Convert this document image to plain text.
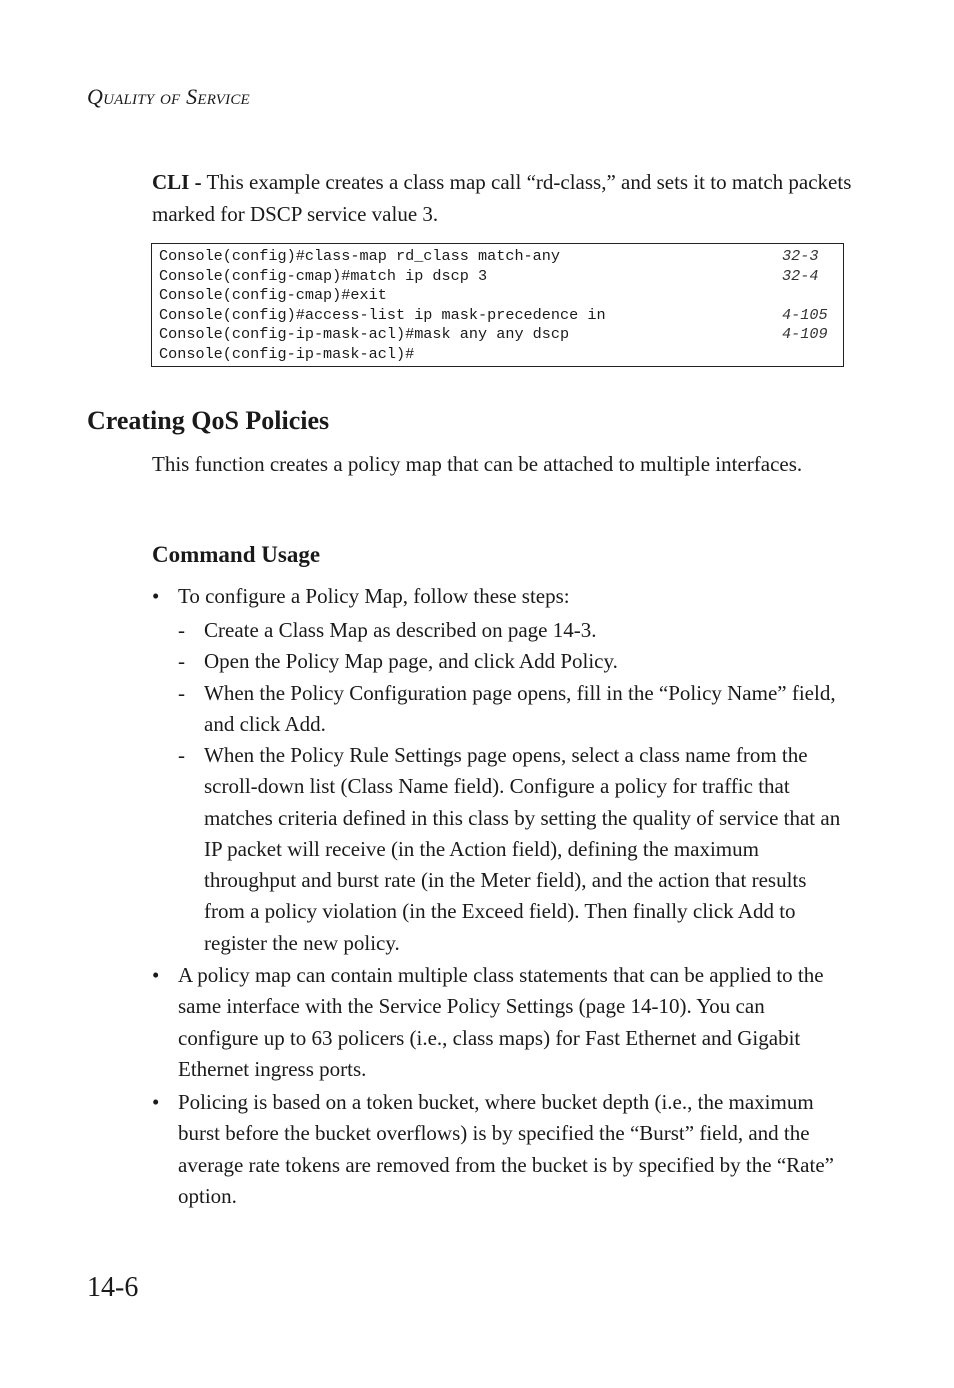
QUALITY OF SERVICE
CLI - This example creates a class map call “rd-class,” and sets it to match packets marked for DSCP service value 3.
Console(config)#class-map rd_class match-any	32-3
Console(config-cmap)#match ip dscp 3	32-4
Console(config-cmap)#exit
Console(config)#access-list ip mask-precedence in	4-105
Console(config-ip-mask-acl)#mask any any dscp	4-109
Console(config-ip-mask-acl)#
Creating QoS Policies
This function creates a policy map that can be attached to multiple interfaces.
Command Usage
• To configure a Policy Map, follow these steps:
- Create a Class Map as described on page 14-3.
- Open the Policy Map page, and click Add Policy.
- When the Policy Configuration page opens, fill in the “Policy Name” field, and click Add.
- When the Policy Rule Settings page opens, select a class name from the scroll-down list (Class Name field). Configure a policy for traffic that matches criteria defined in this class by setting the quality of service that an IP packet will receive (in the Action field), defining the maximum throughput and burst rate (in the Meter field), and the action that results from a policy violation (in the Exceed field). Then finally click Add to register the new policy.
• A policy map can contain multiple class statements that can be applied to the same interface with the Service Policy Settings (page 14-10). You can configure up to 63 policers (i.e., class maps) for Fast Ethernet and Gigabit Ethernet ingress ports.
• Policing is based on a token bucket, where bucket depth (i.e., the maximum burst before the bucket overflows) is by specified the “Burst” field, and the average rate tokens are removed from the bucket is by specified by the “Rate” option.
14-6
